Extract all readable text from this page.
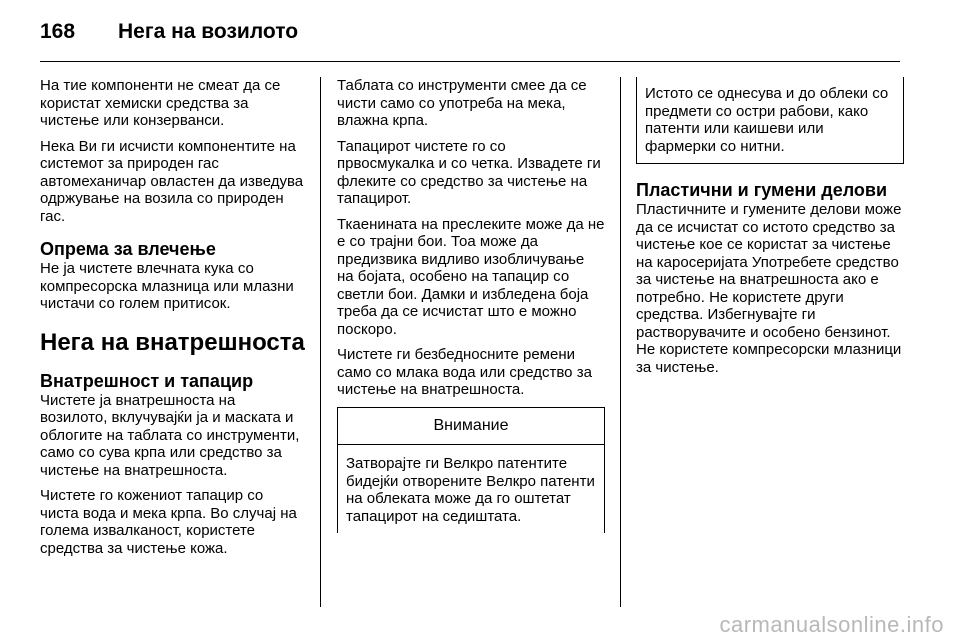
168 Нега на возилото

На тие компоненти не смеат да се користат хемиски средства за чистење или конзерванси.

Нека Ви ги исчисти компонентите на системот за природен гас автомеханичар овластен да изведува одржување на возила со природен гас.

Опрема за влечење

Не ја чистете влечната кука со компресорска млазница или млазни чистачи со голем притисок.

Нега на внатрешноста
Внатрешност и тапацир

Чистете ја внатрешноста на возилото, вклучувајќи ја и маската и облогите на таблата со инструменти, само со сува крпа или средство за чистење на внатрешноста.

Чистете го кожениот тапацир со чиста вода и мека крпа. Во случај на голема извалканост, користете средства за чистење кожа.

Таблата со инструменти смее да се чисти само со употреба на мека, влажна крпа.

Тапацирот чистете го со првосмукалка и со четка. Извадете ги флеките со средство за чистење на тапацирот.

Ткаенината на преслеките може да не е со трајни бои. Тоа може да предизвика видливо изобличување на бојата, особено на тапацир со светли бои. Дамки и избледена боја треба да се исчистат што е можно поскоро.

Чистете ги безбедносните ремени само со млака вода или средство за чистење на внатрешноста.

Внимание
Затворајте ги Велкро патентите бидејќи отворените Велкро патенти на облеката може да го оштетат тапацирот на седиштата.
Истото се однесува и до облеки со предмети со остри рабови, како патенти или каишеви или фармерки со нитни.
Пластични и гумени делови

Пластичните и гумените делови може да се исчистат со истото средство за чистење кое се користат за чистење на каросеријата Употребете средство за чистење на внатрешноста ако е потребно. Не користете други средства. Избегнувајте ги растворувачите и особено бензинот. Не користете компресорски млазници за чистење.

carmanualsonline.info
